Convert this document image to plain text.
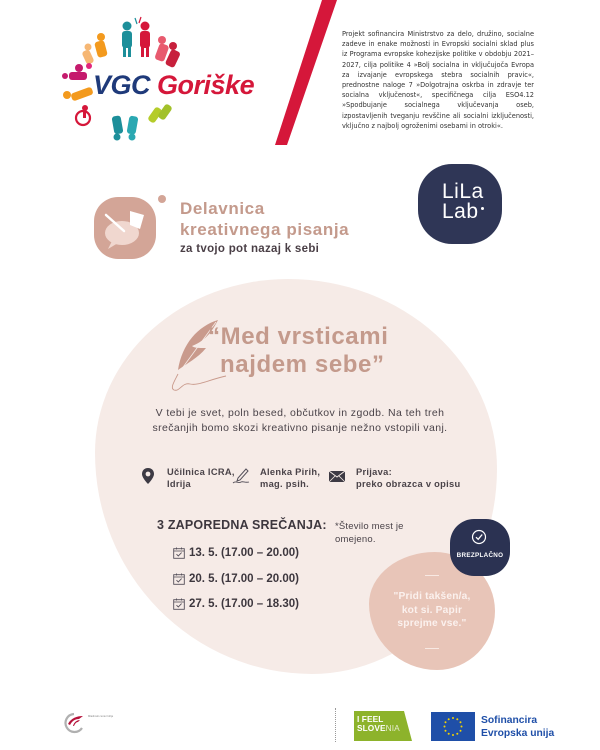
VGC Goriške

Projekt sofinancira Ministrstvo za delo, družino, socialne zadeve in enake možnosti in Evropski socialni sklad plus iz Programa evropske kohezijske politike v obdobju 2021–2027, cilja politike 4 »Bolj socialna in vključujoča Evropa za izvajanje evropskega stebra socialnih pravic«, prednostne naloge 7 »Dolgotrajna oskrba in zdravje ter socialna vključenost«, specifičnega cilja ESO4.12 »Spodbujanje socialnega vključevanja oseb, izpostavljenih tveganju revščine ali socialni izključenosti, vključno z najbolj ogroženimi osebami in otroki«.

Delavnica
kreativnega pisanja
za tvojo pot nazaj k sebi
LiLa
Lab
“Med vrsticami
najdem sebe”

V tebi je svet, poln besed, občutkov in zgodb. Na teh treh srečanjih bomo skozi kreativno pisanje nežno vstopili vanj.

Učilnica ICRA,
Idrija
Alenka Pirih,
mag. psih.
Prijava:
preko obrazca v opisu
3 ZAPOREDNA SREČANJA: *Število mest je
omejeno.
13. 5. (17.00 – 20.00)
20. 5. (17.00 – 20.00)
27. 5. (17.00 – 18.30)
"Pridi takšen/a,
kot si. Papir
sprejme vse."
BREZPLAČNO
Mladinski center Idrija	I FEEL
SLOVENIA
Sofinancira
Evropska unija
